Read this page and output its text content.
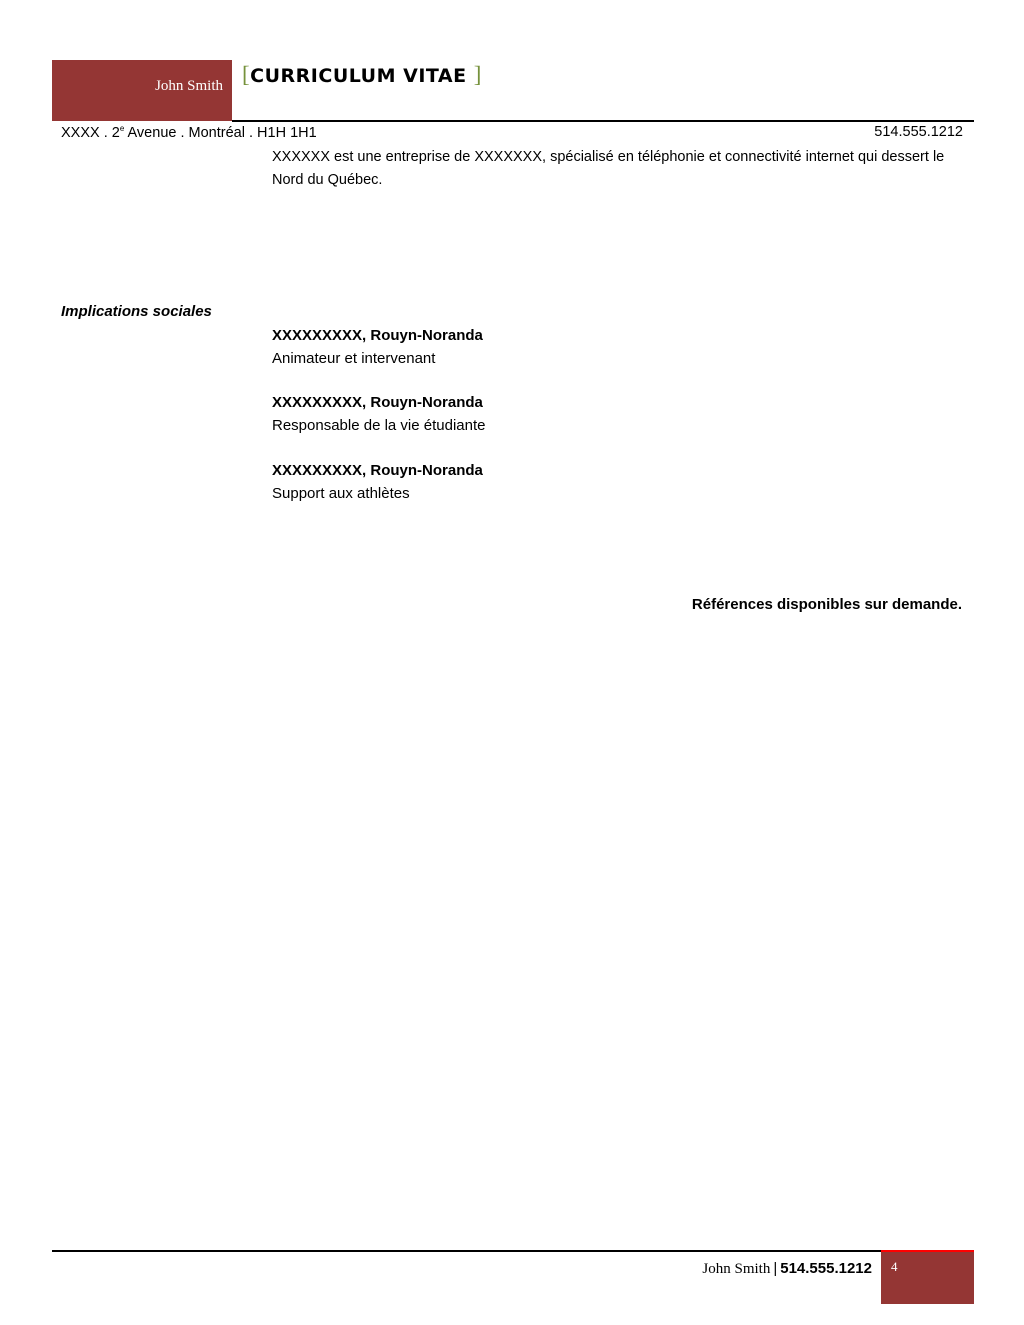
John Smith [CURRICULUM VITAE ]
XXXX . 2e Avenue . Montréal . H1H 1H1	514.555.1212
XXXXXX est une entreprise de XXXXXXX, spécialisé en téléphonie et connectivité internet qui dessert le Nord du Québec.
Implications sociales
XXXXXXXXX, Rouyn-Noranda
Animateur et intervenant
XXXXXXXXX, Rouyn-Noranda
Responsable de la vie étudiante
XXXXXXXXX, Rouyn-Noranda
Support aux athlètes
Références disponibles sur demande.
John Smith | 514.555.1212 4
